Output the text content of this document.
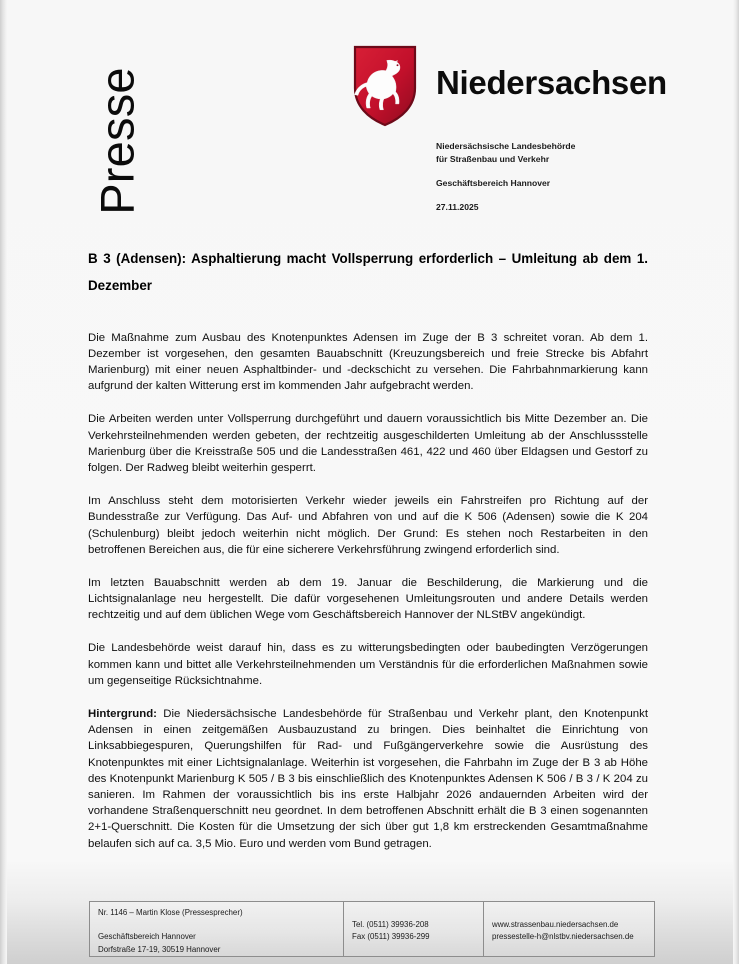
Presse	Niedersachsen
Niedersächsische Landesbehörde
für Straßenbau und Verkehr
Geschäftsbereich Hannover
27.11.2025
B 3 (Adensen): Asphaltierung macht Vollsperrung erforderlich – Umleitung ab dem 1. Dezember

Die Maßnahme zum Ausbau des Knotenpunktes Adensen im Zuge der B 3 schreitet voran. Ab dem 1. Dezember ist vorgesehen, den gesamten Bauabschnitt (Kreuzungsbereich und freie Strecke bis Abfahrt Marienburg) mit einer neuen Asphaltbinder- und -deckschicht zu versehen. Die Fahrbahnmarkierung kann aufgrund der kalten Witterung erst im kommenden Jahr aufgebracht werden.

Die Arbeiten werden unter Vollsperrung durchgeführt und dauern voraussichtlich bis Mitte Dezember an. Die Verkehrsteilnehmenden werden gebeten, der rechtzeitig ausgeschilderten Umleitung ab der Anschlussstelle Marienburg über die Kreisstraße 505 und die Landesstraßen 461, 422 und 460 über Eldagsen und Gestorf zu folgen. Der Radweg bleibt weiterhin gesperrt.

Im Anschluss steht dem motorisierten Verkehr wieder jeweils ein Fahrstreifen pro Richtung auf der Bundesstraße zur Verfügung. Das Auf- und Abfahren von und auf die K 506 (Adensen) sowie die K 204 (Schulenburg) bleibt jedoch weiterhin nicht möglich. Der Grund: Es stehen noch Restarbeiten in den betroffenen Bereichen aus, die für eine sicherere Verkehrsführung zwingend erforderlich sind.

Im letzten Bauabschnitt werden ab dem 19. Januar die Beschilderung, die Markierung und die Lichtsignalanlage neu hergestellt. Die dafür vorgesehenen Umleitungsrouten und andere Details werden rechtzeitig und auf dem üblichen Wege vom Geschäftsbereich Hannover der NLStBV angekündigt.

Die Landesbehörde weist darauf hin, dass es zu witterungsbedingten oder baubedingten Verzögerungen kommen kann und bittet alle Verkehrsteilnehmenden um Verständnis für die erforderlichen Maßnahmen sowie um gegenseitige Rücksichtnahme.

Hintergrund: Die Niedersächsische Landesbehörde für Straßenbau und Verkehr plant, den Knotenpunkt Adensen in einen zeitgemäßen Ausbauzustand zu bringen. Dies beinhaltet die Einrichtung von Linksabbiegespuren, Querungshilfen für Rad- und Fußgängerverkehre sowie die Ausrüstung des Knotenpunktes mit einer Lichtsignalanlage. Weiterhin ist vorgesehen, die Fahrbahn im Zuge der B 3 ab Höhe des Knotenpunkt Marienburg K 505 / B 3 bis einschließlich des Knotenpunktes Adensen K 506 / B 3 / K 204 zu sanieren. Im Rahmen der voraussichtlich bis ins erste Halbjahr 2026 andauernden Arbeiten wird der vorhandene Straßenquerschnitt neu geordnet. In dem betroffenen Abschnitt erhält die B 3 einen sogenannten 2+1-Querschnitt. Die Kosten für die Umsetzung der sich über gut 1,8 km erstreckenden Gesamtmaßnahme belaufen sich auf ca. 3,5 Mio. Euro und werden vom Bund getragen.

Nr. 1146 – Martin Klose (Pressesprecher)
Geschäftsbereich Hannover
Dorfstraße 17-19, 30519 Hannover
Tel. (0511) 39936-208
Fax (0511) 39936-299
www.strassenbau.niedersachsen.de
pressestelle-h@nlstbv.niedersachsen.de
